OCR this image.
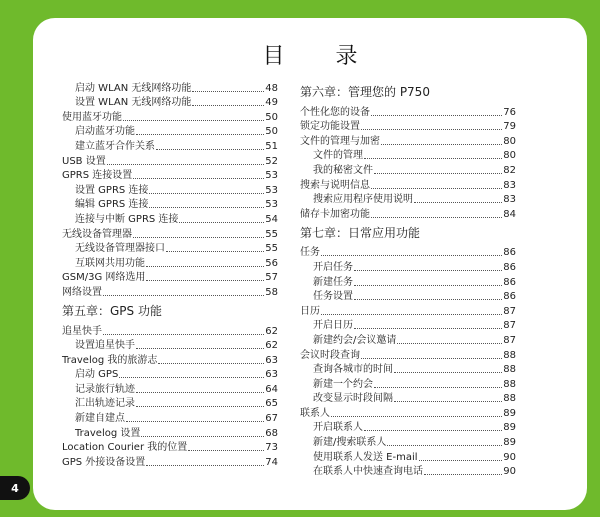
目 录
启动 WLAN 无线网络功能	48
设置 WLAN 无线网络功能	49
使用蓝牙功能	50
启动蓝牙功能	50
建立蓝牙合作关系	51
USB 设置	52
GPRS 连接设置	53
设置 GPRS 连接	53
编辑 GPRS 连接	53
连接与中断 GPRS 连接	54
无线设备管理器	55
无线设备管理器接口	55
互联网共用功能	56
GSM/3G 网络选用	57
网络设置	58
第五章：GPS 功能
追星快手	62
设置追星快手	62
Travelog 我的旅游志	63
启动 GPS	63
记录旅行轨迹	64
汇出轨迹记录	65
新建自建点	67
Travelog 设置	68
Location Courier 我的位置	73
GPS 外接设备设置	74
第六章：管理您的 P750
个性化您的设备	76
锁定功能设置	79
文件的管理与加密	80
文件的管理	80
我的秘密文件	82
搜索与说明信息	83
搜索应用程序使用说明	83
储存卡加密功能	84
第七章：日常应用功能
任务	86
开启任务	86
新建任务	86
任务设置	86
日历	87
开启日历	87
新建约会/会议邀请	87
会议时段查询	88
查询各城市的时间	88
新建一个约会	88
改变显示时段间隔	88
联系人	89
开启联系人	89
新建/搜索联系人	89
使用联系人发送 E-mail	90
在联系人中快速查询电话	90
4
